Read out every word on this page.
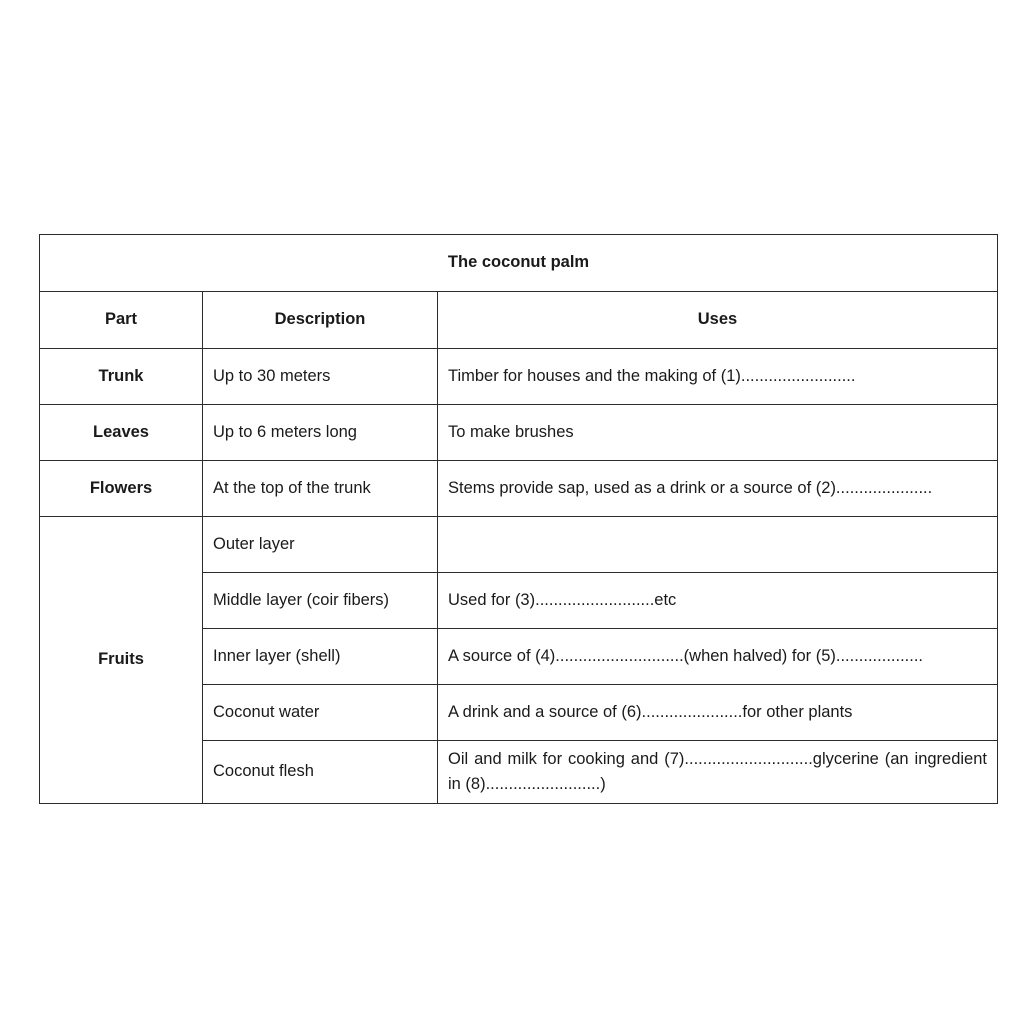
The coconut palm		
Part	Description	Uses
Trunk	Up to 30 meters	Timber for houses and the making of (1).........................
Leaves	Up to 6 meters long	To make brushes
Flowers	At the top of the trunk	Stems provide sap, used as a drink or a source of (2).....................
Fruits	Outer layer	
	Middle layer (coir fibers)	Used for (3)..........................etc
	Inner layer (shell)	A source of (4)............................(when halved) for (5)...................
	Coconut water	A drink and a source of (6)......................for other plants
	Coconut flesh	Oil and milk for cooking and (7)............................glycerine (an ingredient in (8).........................)
